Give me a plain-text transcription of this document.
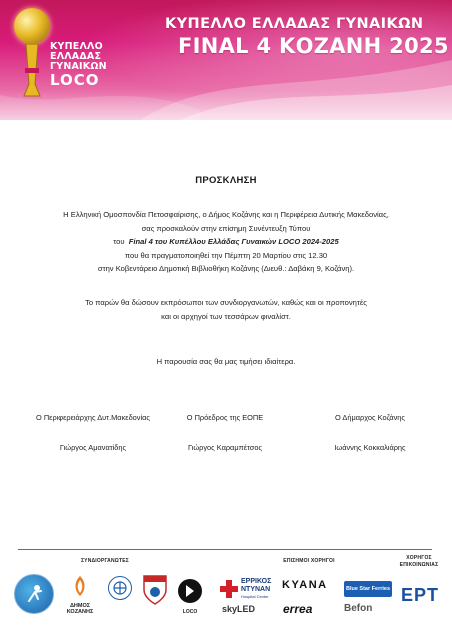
ΚΥΠΕΛΛΟ
ΕΛΛΑΔΑΣ
ΓΥΝΑΙΚΩΝ
LOCO
ΚΥΠΕΛΛΟ ΕΛΛΑΔΑΣ ΓΥΝΑΙΚΩΝ
FINAL 4 ΚΟΖΑΝΗ 2025
ΠΡΟΣΚΛΗΣΗ
Η Ελληνική Ομοσπονδία Πετοσφαίρισης, ο Δήμος Κοζάνης και η Περιφέρεια Δυτικής Μακεδονίας,
σας προσκαλούν στην επίσημη Συνέντευξη Τύπου
του Final 4 του Κυπέλλου Ελλάδας Γυναικών LOCO 2024-2025
που θα πραγματοποιηθεί την Πέμπτη 20 Μαρτίου στις 12.30
στην Κοβεντάρειο Δημοτική Βιβλιοθήκη Κοζάνης (Διευθ.: Δαβάκη 9, Κοζάνη).
Το παρών θα δώσουν εκπρόσωποι των συνδιοργανωτών, καθώς και οι προπονητές
και οι αρχηγοί των τεσσάρων φιναλίστ.
Η παρουσία σας θα μας τιμήσει ιδιαίτερα.
Ο Περιφερειάρχης Δυτ.Μακεδονίας	Ο Πρόεδρος της ΕΟΠΕ	Ο Δήμαρχος Κοζάνης
Γιώργος Αμανατίδης	Γιώργος Καραμπέτσος	Ιωάννης Κοκκαλιάρης
ΣΥΝΔΙΟΡΓΑΝΩΤΕΣ	ΕΠΙΣΗΜΟΙ ΧΟΡΗΓΟΙ	ΧΟΡΗΓΟΣ
ΕΠΙΚΟΙΝΩΝΙΑΣ
ΔΗΜΟΣ
ΚΟΖΑΝΗΣ	LOCO
ΕΡΡΙΚΟΣ
ΝΤΥΝΑΝ
Hospital Center
skyLED
KYANA
errea
Blue Star Ferries
Befon
ΕΡΤ
